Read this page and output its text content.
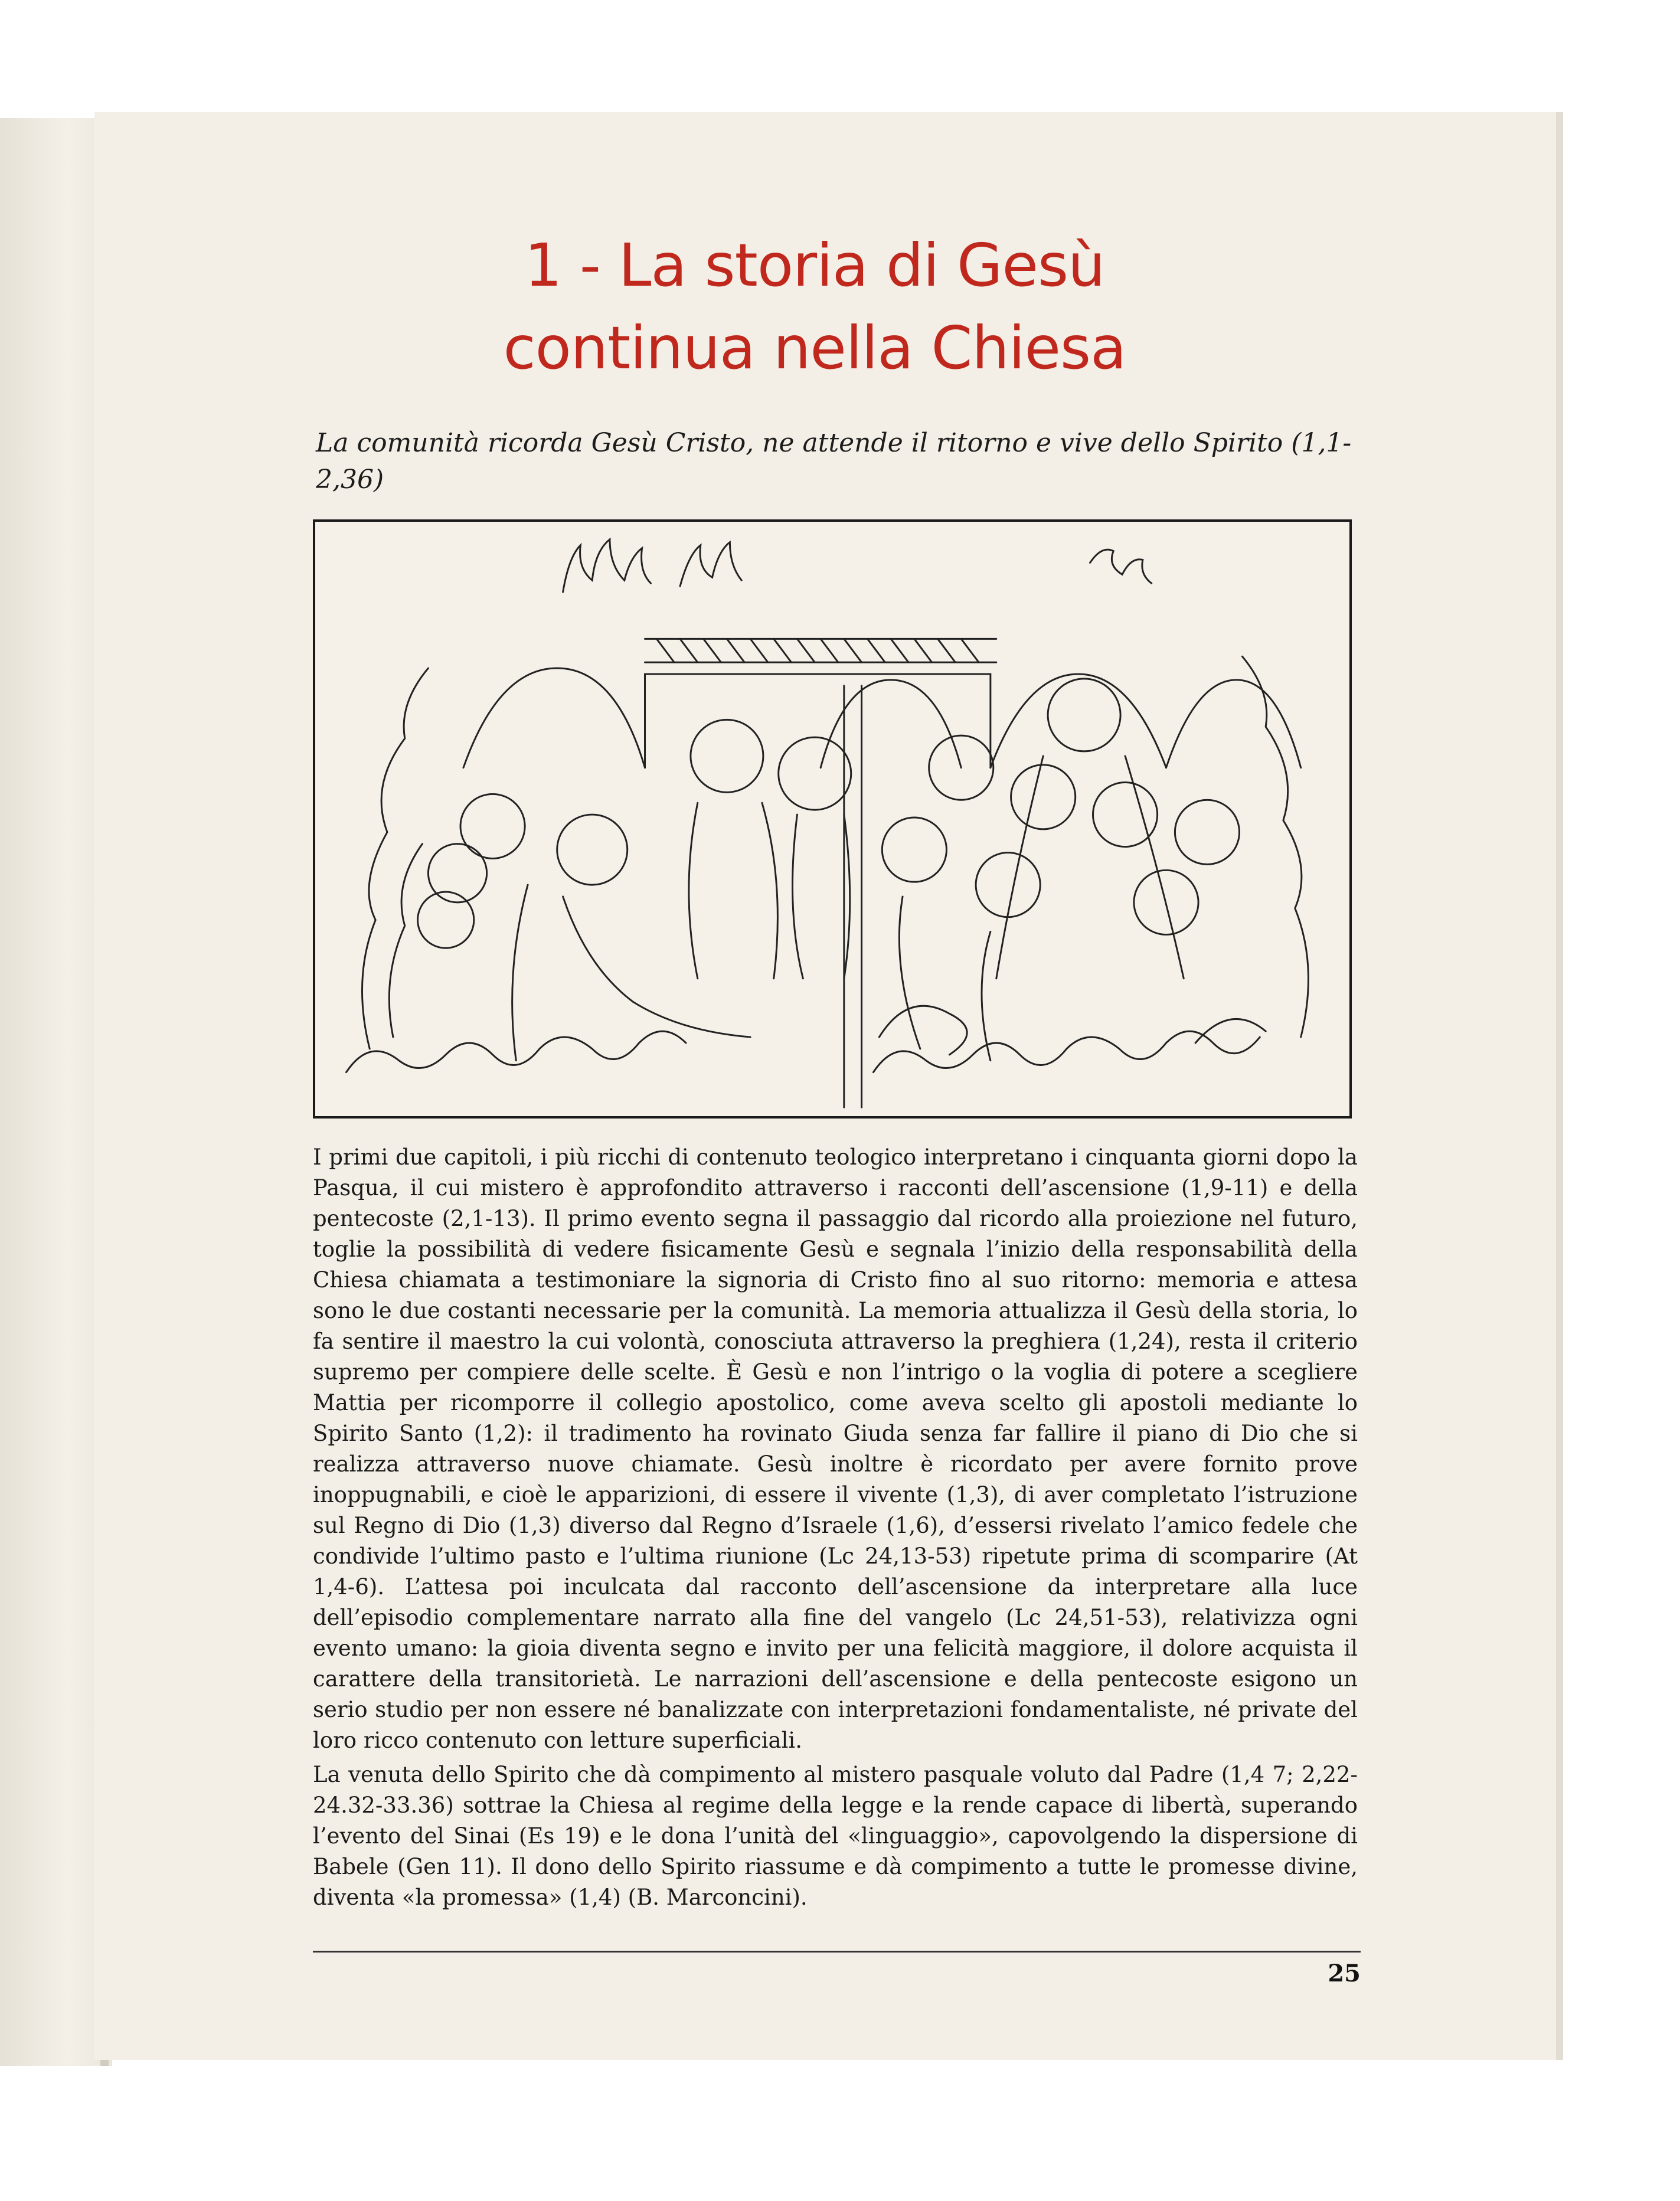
1 - La storia di Gesù
continua nella Chiesa
La comunità ricorda Gesù Cristo, ne attende il ritorno e vive dello Spirito (1,1-2,36)

I primi due capitoli, i più ricchi di contenuto teologico interpretano i cinquanta giorni dopo la Pasqua, il cui mistero è approfondito attraverso i racconti dell’ascensione (1,9-11) e della pentecoste (2,1-13). Il primo evento segna il passaggio dal ricordo alla proiezione nel futuro, toglie la possibilità di vedere fisicamente Gesù e segnala l’inizio della responsabilità della Chiesa chiamata a testimoniare la signoria di Cristo fino al suo ritorno: memoria e attesa sono le due costanti necessarie per la comunità. La memoria attualizza il Gesù della storia, lo fa sentire il maestro la cui volontà, conosciuta attraverso la preghiera (1,24), resta il criterio supremo per compiere delle scelte. È Gesù e non l’intrigo o la voglia di potere a scegliere Mattia per ricomporre il collegio apostolico, come aveva scelto gli apostoli mediante lo Spirito Santo (1,2): il tradimento ha rovinato Giuda senza far fallire il piano di Dio che si realizza attraverso nuove chiamate. Gesù inoltre è ricordato per avere fornito prove inoppugnabili, e cioè le apparizioni, di essere il vivente (1,3), di aver completato l’istruzione sul Regno di Dio (1,3) diverso dal Regno d’Israele (1,6), d’essersi rivelato l’amico fedele che condivide l’ultimo pasto e l’ultima riunione (Lc 24,13-53) ripetute prima di scomparire (At 1,4-6). L’attesa poi inculcata dal racconto dell’ascensione da interpretare alla luce dell’episodio complementare narrato alla fine del vangelo (Lc 24,51-53), relativizza ogni evento umano: la gioia diventa segno e invito per una felicità maggiore, il dolore acquista il carattere della transitorietà. Le narrazioni dell’ascensione e della pentecoste esigono un serio studio per non essere né banalizzate con interpretazioni fondamentaliste, né private del loro ricco contenuto con letture superficiali.

La venuta dello Spirito che dà compimento al mistero pasquale voluto dal Padre (1,4 7; 2,22-24.32-33.36) sottrae la Chiesa al regime della legge e la rende capace di libertà, superando l’evento del Sinai (Es 19) e le dona l’unità del «linguaggio», capovolgendo la dispersione di Babele (Gen 11). Il dono dello Spirito riassume e dà compimento a tutte le promesse divine, diventa «la promessa» (1,4) (B. Marconcini).

25
